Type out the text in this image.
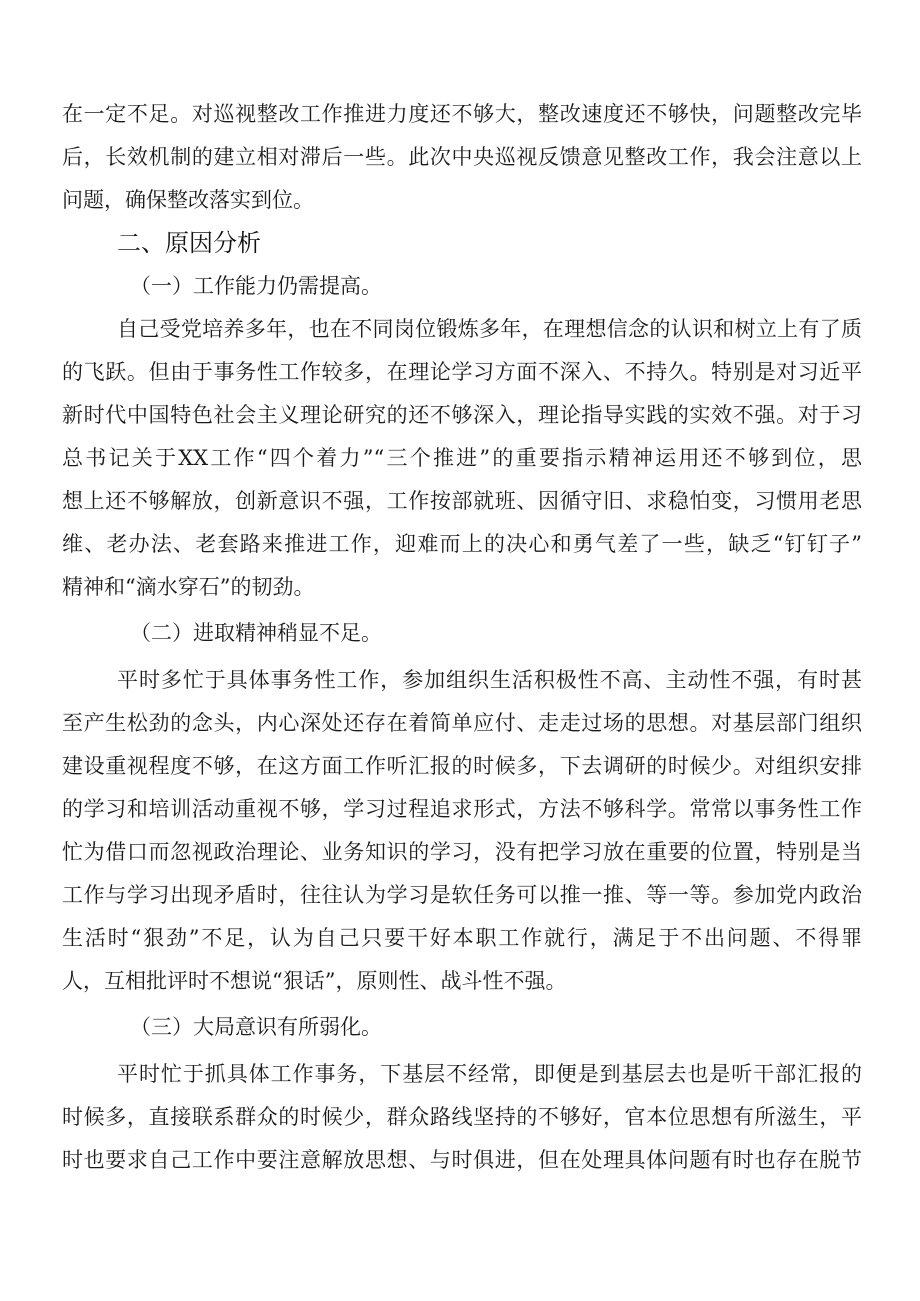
在一定不足。对巡视整改工作推进力度还不够大，整改速度还不够快，问题整改完毕
后，长效机制的建立相对滞后一些。此次中央巡视反馈意见整改工作，我会注意以上
问题，确保整改落实到位。
二、原因分析
（一）工作能力仍需提高。
自己受党培养多年，也在不同岗位锻炼多年，在理想信念的认识和树立上有了质
的飞跃。但由于事务性工作较多，在理论学习方面不深入、不持久。特别是对习近平
新时代中国特色社会主义理论研究的还不够深入，理论指导实践的实效不强。对于习
总书记关于XX工作“四个着力”“三个推进”的重要指示精神运用还不够到位，思
想上还不够解放，创新意识不强，工作按部就班、因循守旧、求稳怕变，习惯用老思
维、老办法、老套路来推进工作，迎难而上的决心和勇气差了一些，缺乏“钉钉子”
精神和“滴水穿石”的韧劲。
（二）进取精神稍显不足。
平时多忙于具体事务性工作，参加组织生活积极性不高、主动性不强，有时甚
至产生松劲的念头，内心深处还存在着简单应付、走走过场的思想。对基层部门组织
建设重视程度不够，在这方面工作听汇报的时候多，下去调研的时候少。对组织安排
的学习和培训活动重视不够，学习过程追求形式，方法不够科学。常常以事务性工作
忙为借口而忽视政治理论、业务知识的学习，没有把学习放在重要的位置，特别是当
工作与学习出现矛盾时，往往认为学习是软任务可以推一推、等一等。参加党内政治
生活时“狠劲”不足，认为自己只要干好本职工作就行，满足于不出问题、不得罪
人，互相批评时不想说“狠话”，原则性、战斗性不强。
（三）大局意识有所弱化。
平时忙于抓具体工作事务，下基层不经常，即便是到基层去也是听干部汇报的
时候多，直接联系群众的时候少，群众路线坚持的不够好，官本位思想有所滋生，平
时也要求自己工作中要注意解放思想、与时俱进，但在处理具体问题有时也存在脱节
